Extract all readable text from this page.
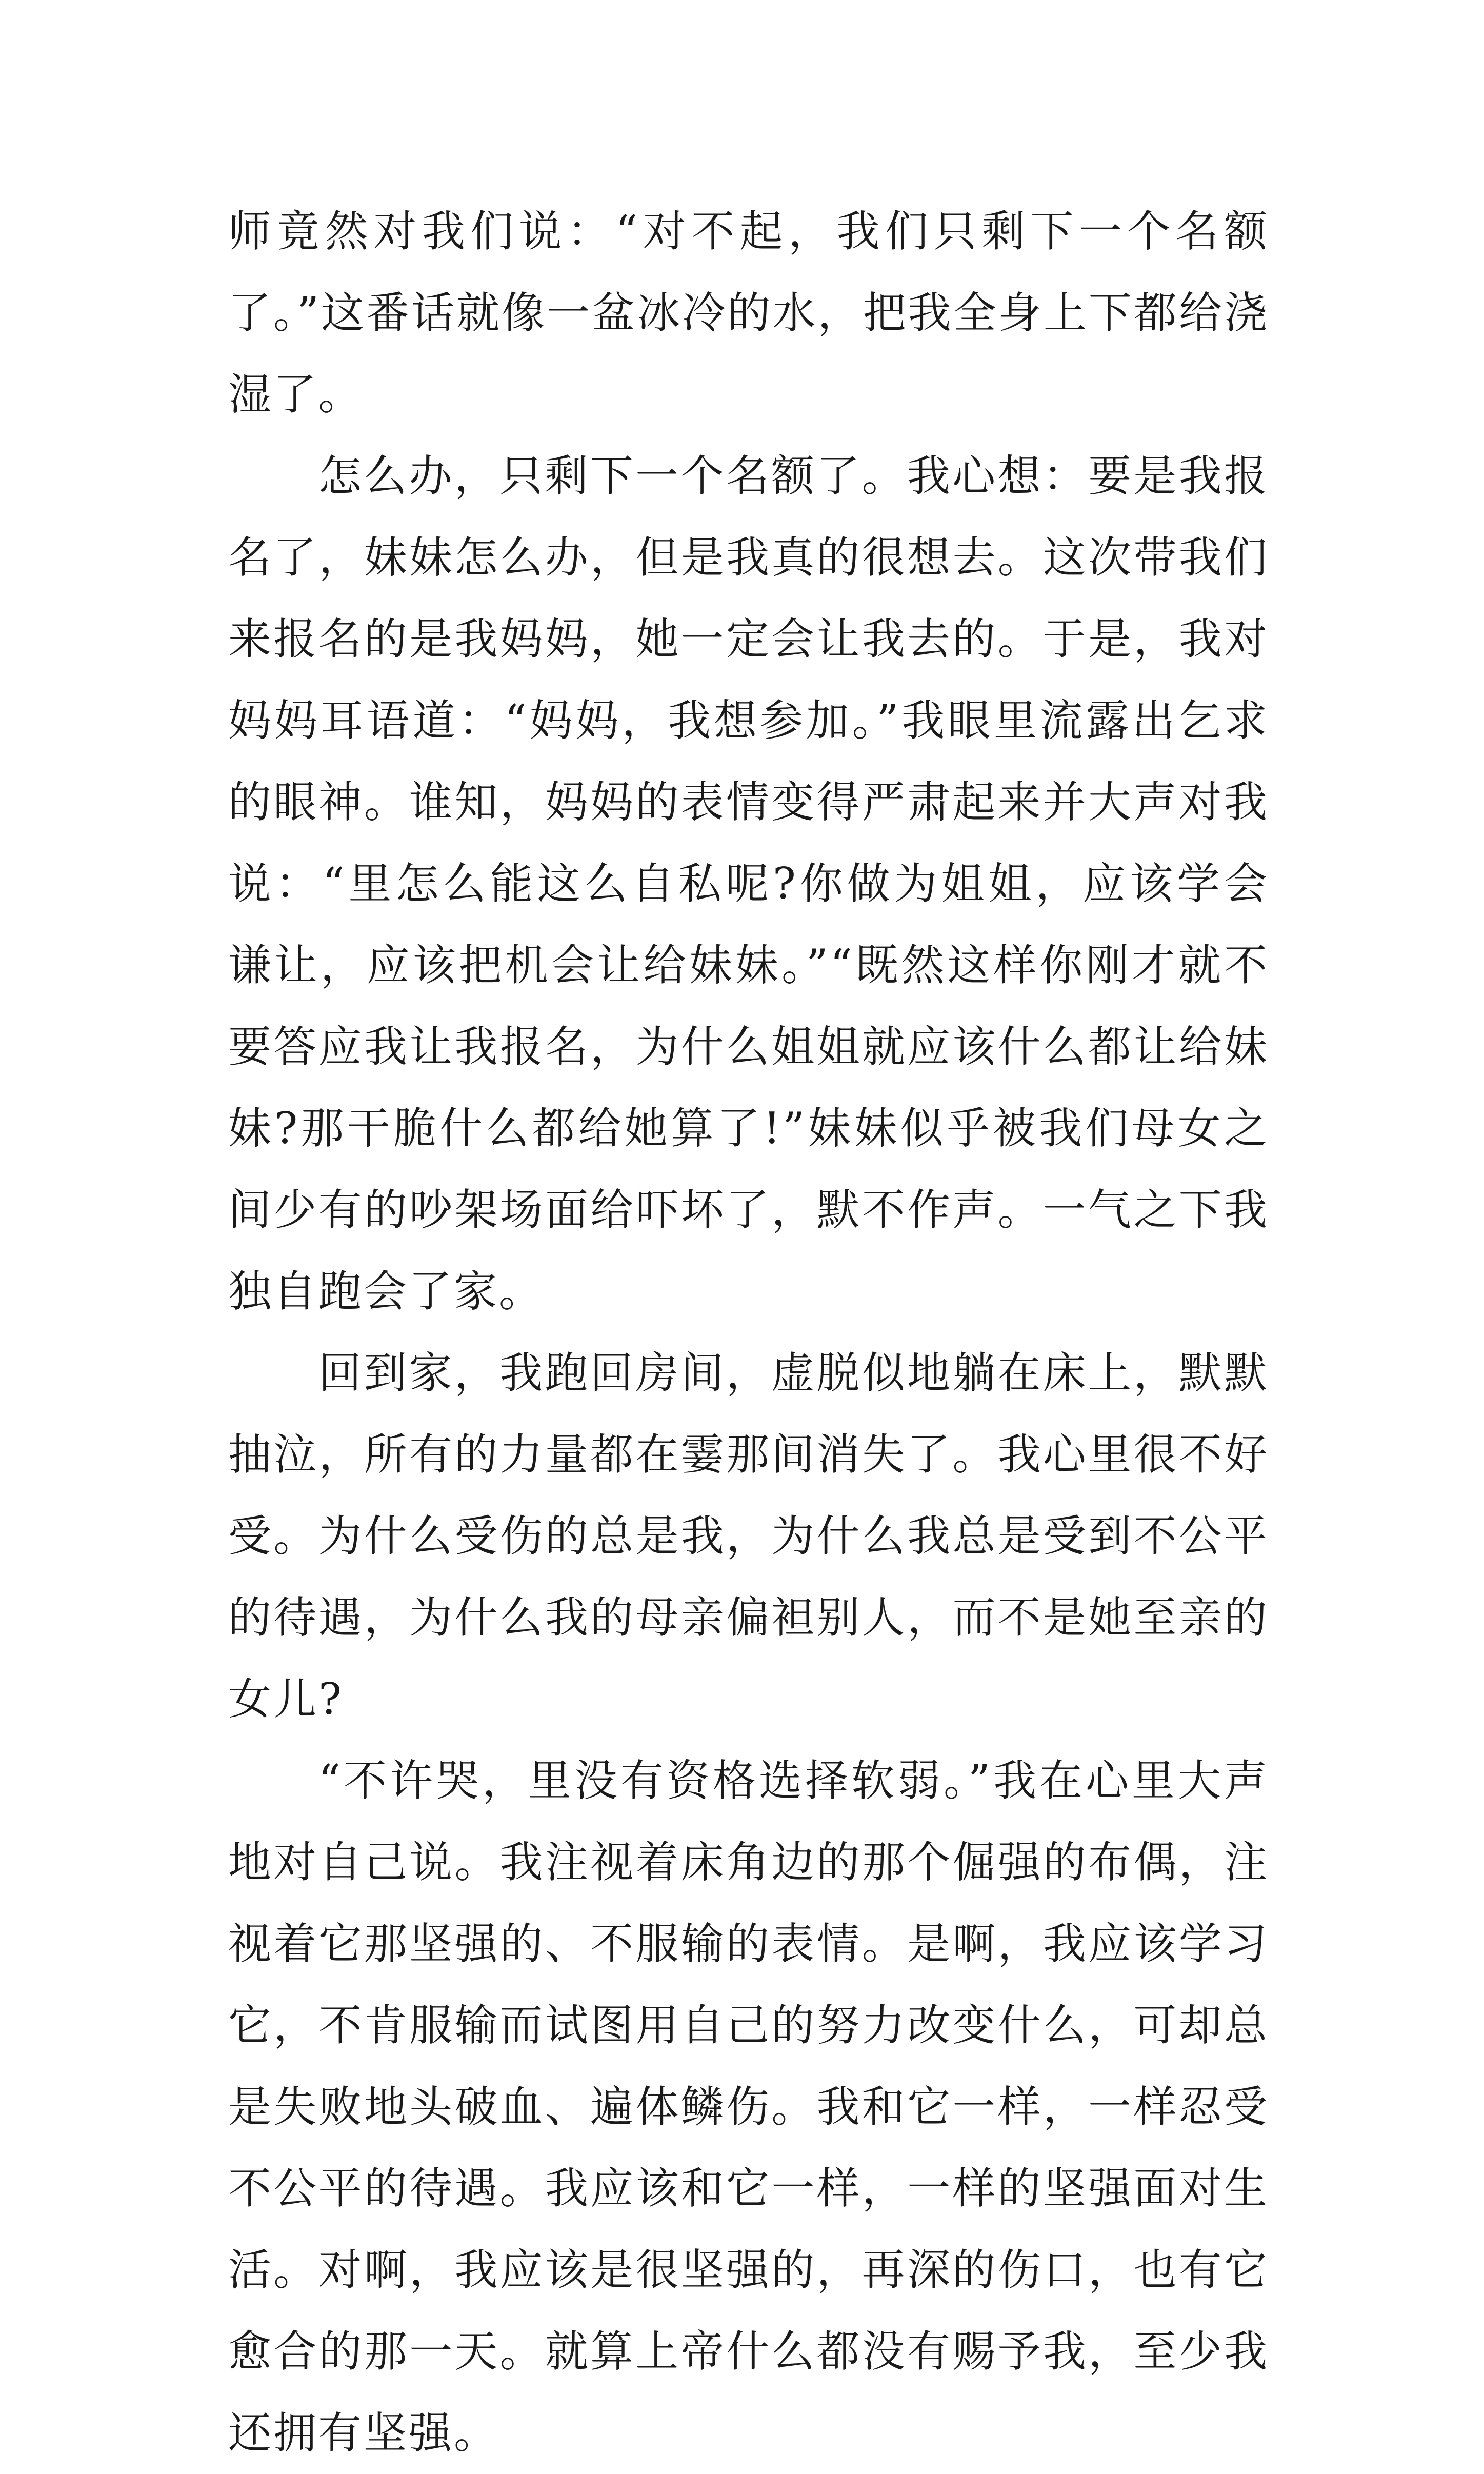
师竟然对我们说：“对不起，我们只剩下一个名额了。”这番话就像一盆冰冷的水，把我全身上下都给浇湿了。

怎么办，只剩下一个名额了。我心想：要是我报名了，妹妹怎么办，但是我真的很想去。这次带我们来报名的是我妈妈，她一定会让我去的。于是，我对妈妈耳语道：“妈妈，我想参加。”我眼里流露出乞求的眼神。谁知，妈妈的表情变得严肃起来并大声对我说：“里怎么能这么自私呢?你做为姐姐，应该学会谦让，应该把机会让给妹妹。”“既然这样你刚才就不要答应我让我报名，为什么姐姐就应该什么都让给妹妹?那干脆什么都给她算了!”妹妹似乎被我们母女之间少有的吵架场面给吓坏了，默不作声。一气之下我独自跑会了家。

回到家，我跑回房间，虚脱似地躺在床上，默默抽泣，所有的力量都在霎那间消失了。我心里很不好受。为什么受伤的总是我，为什么我总是受到不公平的待遇，为什么我的母亲偏袒别人，而不是她至亲的女儿?

“不许哭，里没有资格选择软弱。”我在心里大声地对自己说。我注视着床角边的那个倔强的布偶，注视着它那坚强的、不服输的表情。是啊，我应该学习它，不肯服输而试图用自己的努力改变什么，可却总是失败地头破血、遍体鳞伤。我和它一样，一样忍受不公平的待遇。我应该和它一样，一样的坚强面对生活。对啊，我应该是很坚强的，再深的伤口，也有它愈合的那一天。就算上帝什么都没有赐予我，至少我还拥有坚强。
